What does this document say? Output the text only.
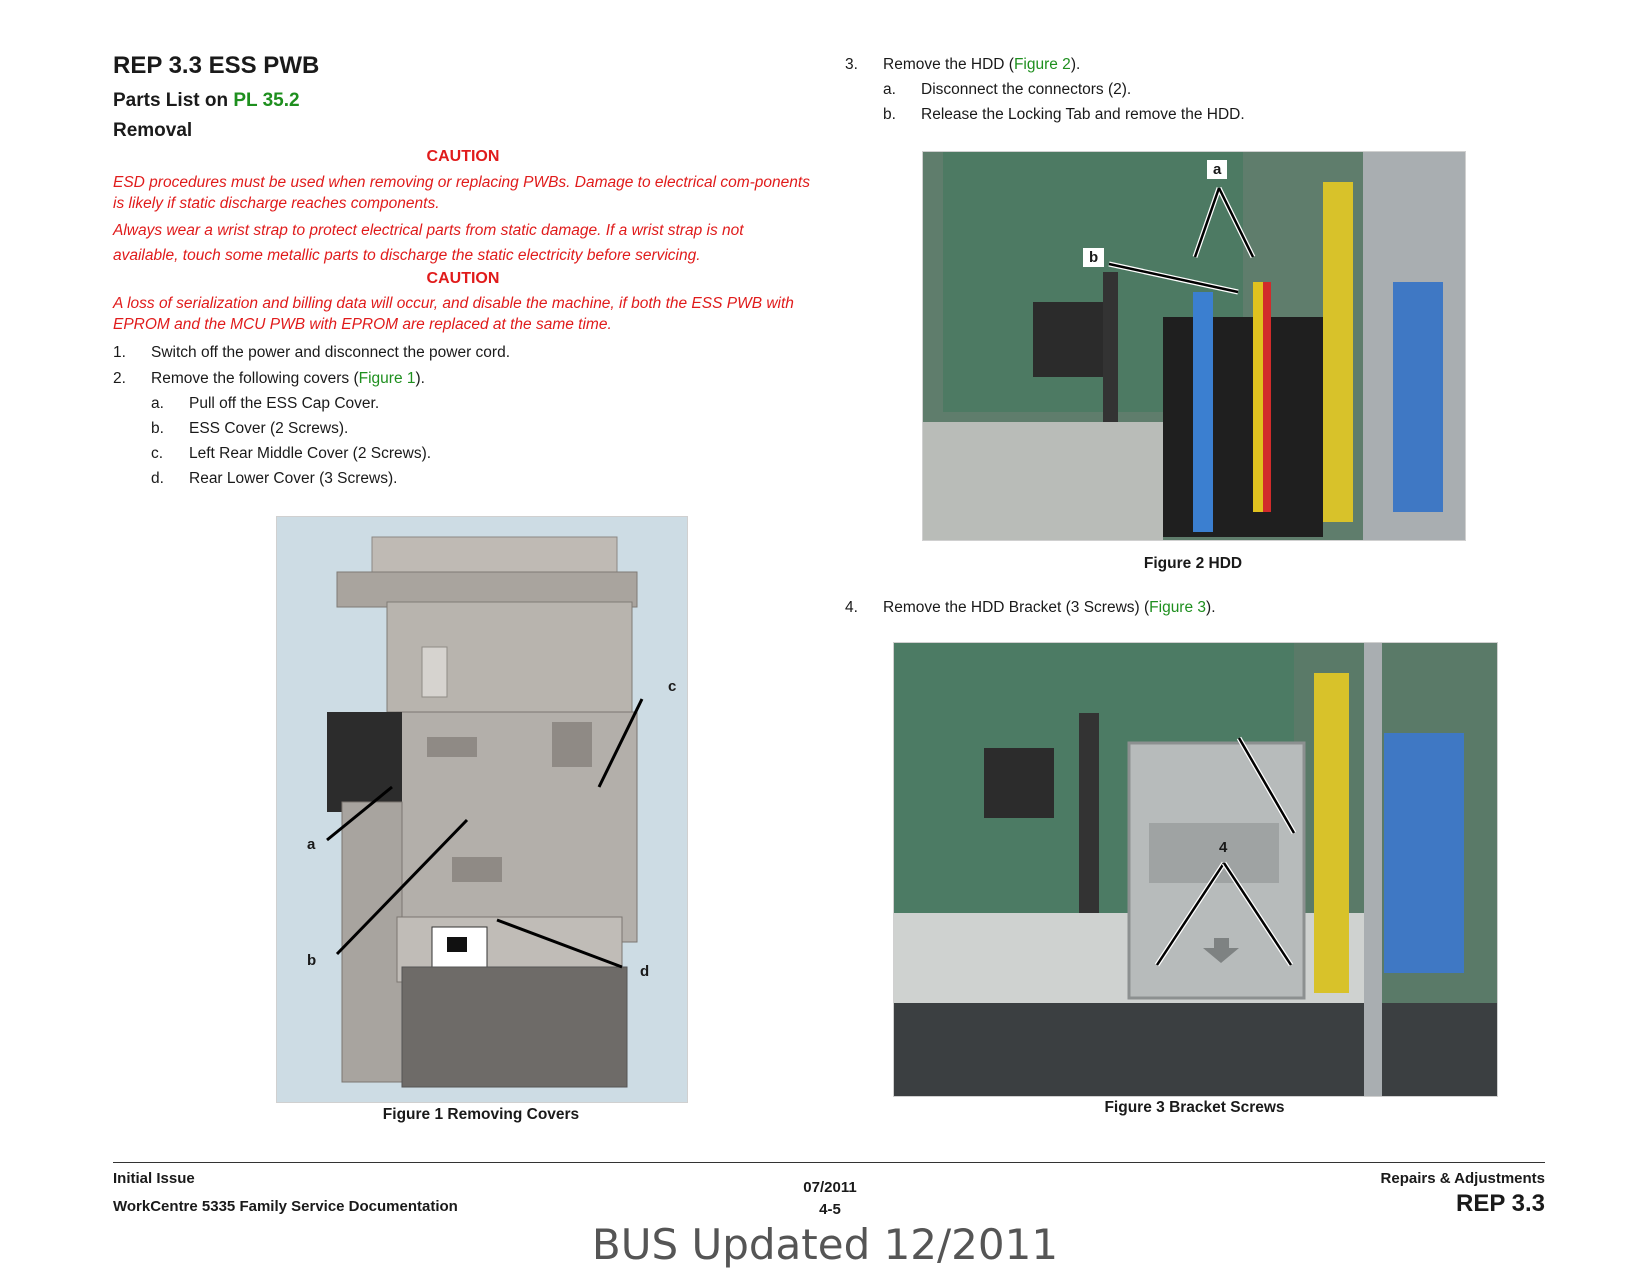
REP 3.3 ESS PWB
Parts List on PL 35.2
Removal
CAUTION
ESD procedures must be used when removing or replacing PWBs. Damage to electrical com-ponents is likely if static discharge reaches components.
Always wear a wrist strap to protect electrical parts from static damage. If a wrist strap is not available, touch some metallic parts to discharge the static electricity before servicing.
CAUTION
A loss of serialization and billing data will occur, and disable the machine, if both the ESS PWB with EPROM and the MCU PWB with EPROM are replaced at the same time.
1. Switch off the power and disconnect the power cord.
2. Remove the following covers (Figure 1).
a. Pull off the ESS Cap Cover.
b. ESS Cover (2 Screws).
c. Left Rear Middle Cover (2 Screws).
d. Rear Lower Cover (3 Screws).
a
b
c
d
Figure 1 Removing Covers
3. Remove the HDD (Figure 2).
a. Disconnect the connectors (2).
b. Release the Locking Tab and remove the HDD.
a
b
Figure 2 HDD
4. Remove the HDD Bracket (3 Screws) (Figure 3).
4
Figure 3 Bracket Screws
Initial Issue
WorkCentre 5335 Family Service Documentation
07/2011
4-5
Repairs & Adjustments
REP 3.3
BUS Updated 12/2011
